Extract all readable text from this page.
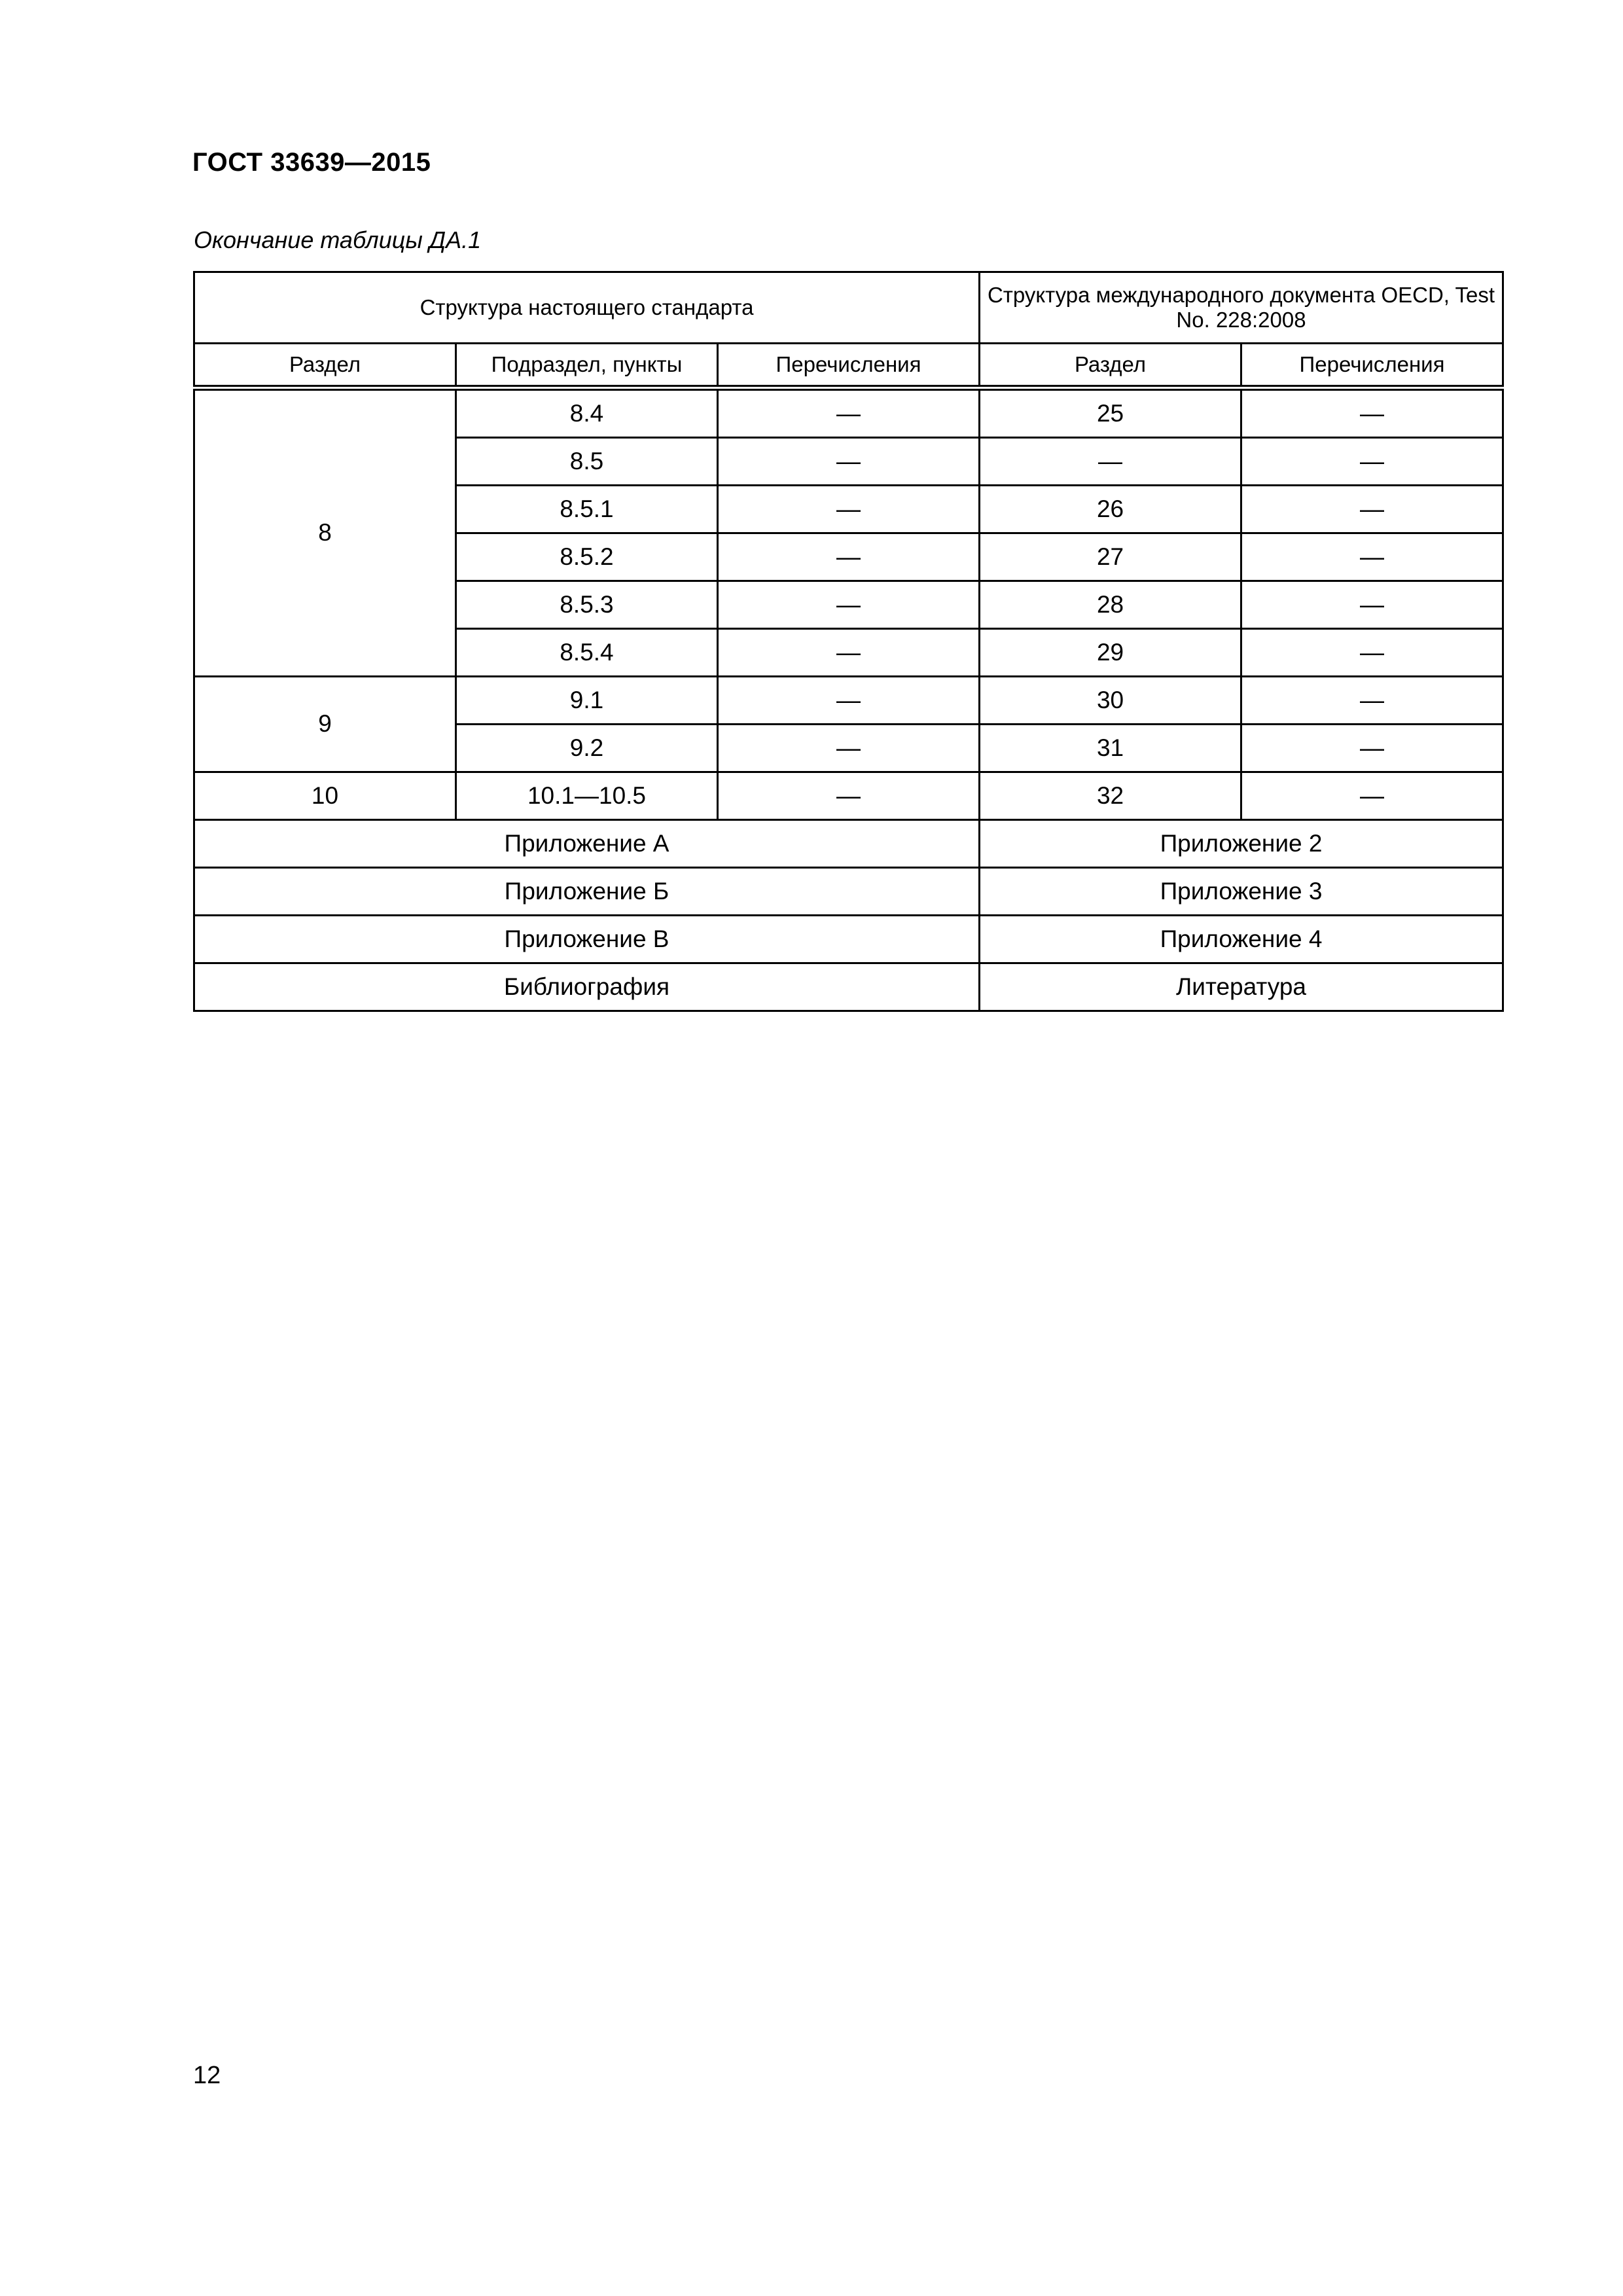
ГОСТ 33639—2015
Окончание таблицы ДА.1
Структура настоящего стандарта			Структура международного документа OECD, Test No. 228:2008	
Раздел	Подраздел, пункты	Перечисления	Раздел	Перечисления
8	8.4	—	25	—
	8.5	—	—	—
	8.5.1	—	26	—
	8.5.2	—	27	—
	8.5.3	—	28	—
	8.5.4	—	29	—
9	9.1	—	30	—
	9.2	—	31	—
10	10.1—10.5	—	32	—
Приложение А			Приложение 2	
Приложение Б			Приложение 3	
Приложение В			Приложение 4	
Библиография			Литература	
12
